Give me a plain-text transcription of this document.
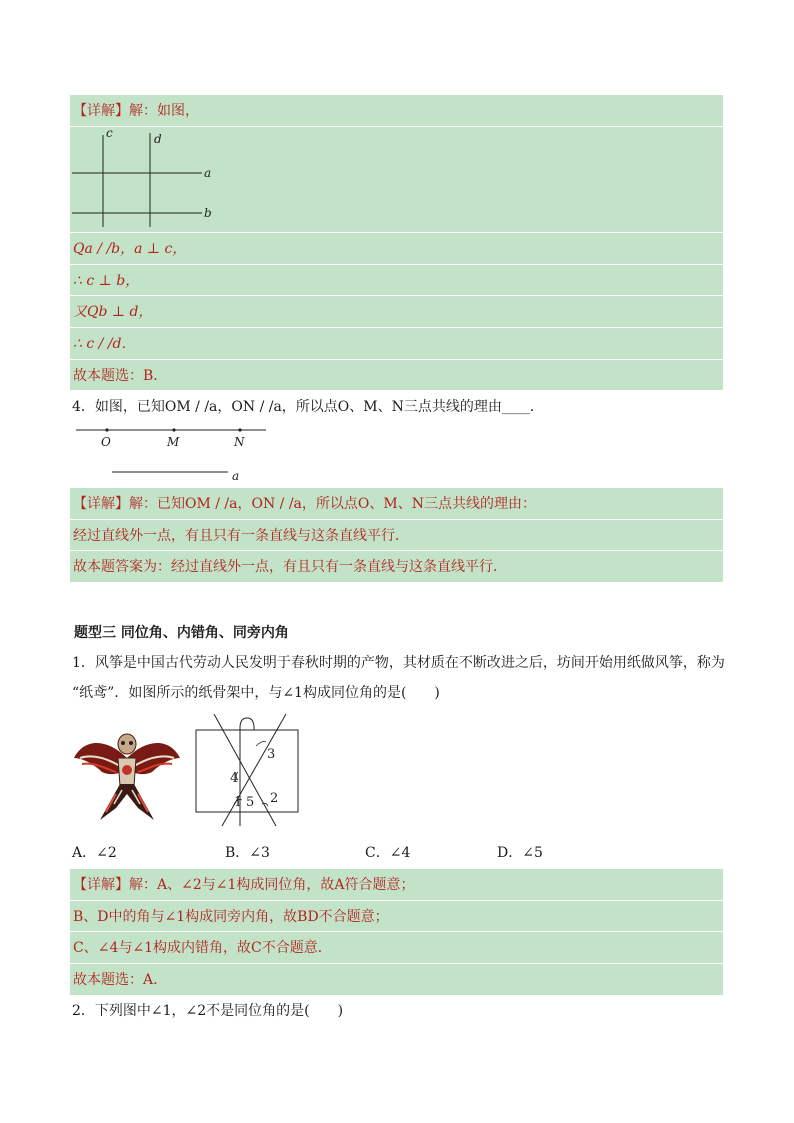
【详解】解：如图，
c	d
a
b
Qa / /b，a ⊥ c，
∴ c ⊥ b，
又Qb ⊥ d，
∴ c / /d．
故本题选：B．
4．如图，已知OM / /a，ON / /a，所以点O、M、N三点共线的理由____．
O	M	N
a
【详解】解：已知OM / /a，ON / /a，所以点O、M、N三点共线的理由：
经过直线外一点，有且只有一条直线与这条直线平行．
故本题答案为：经过直线外一点，有且只有一条直线与这条直线平行．
题型三 同位角、内错角、同旁内角
1．风筝是中国古代劳动人民发明于春秋时期的产物，其材质在不断改进之后，坊间开始用纸做风筝，称为
“纸鸢”．如图所示的纸骨架中，与∠1构成同位角的是(　　)
3
4
1 5 2
A．∠2	B．∠3	C．∠4	D．∠5
【详解】解：A、∠2与∠1构成同位角，故A符合题意；
B、D中的角与∠1构成同旁内角，故BD不合题意；
C、∠4与∠1构成内错角，故C不合题意．
故本题选：A．
2．下列图中∠1，∠2不是同位角的是(　　)
